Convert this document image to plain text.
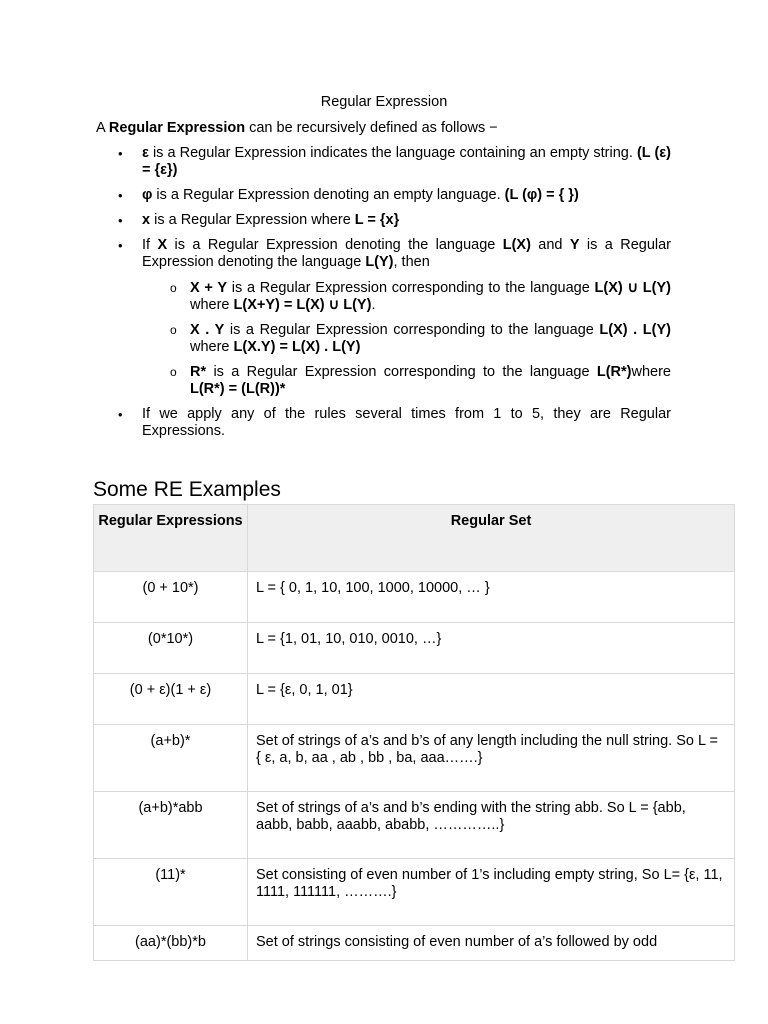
Regular Expression
A Regular Expression can be recursively defined as follows −
• ε is a Regular Expression indicates the language containing an empty string. (L (ε) = {ε})
• φ is a Regular Expression denoting an empty language. (L (φ) = { })
• x is a Regular Expression where L = {x}
• If X is a Regular Expression denoting the language L(X) and Y is a Regular Expression denoting the language L(Y), then
o X + Y is a Regular Expression corresponding to the language L(X) ∪ L(Y) where L(X+Y) = L(X) ∪ L(Y).
o X . Y is a Regular Expression corresponding to the language L(X) . L(Y) where L(X.Y) = L(X) . L(Y)
o R* is a Regular Expression corresponding to the language L(R*)where L(R*) = (L(R))*
• If we apply any of the rules several times from 1 to 5, they are Regular Expressions.
Some RE Examples
Regular Expressions	Regular Set

(0 + 10*)	L = { 0, 1, 10, 100, 1000, 10000, … }

(0*10*)	L = {1, 01, 10, 010, 0010, …}

(0 + ε)(1 + ε)	L = {ε, 0, 1, 01}

(a+b)*	Set of strings of a’s and b’s of any length including the null string. So L = { ε, a, b, aa , ab , bb , ba, aaa…….}

(a+b)*abb	Set of strings of a’s and b’s ending with the string abb. So L = {abb, aabb, babb, aaabb, ababb, …………..}

(11)*	Set consisting of even number of 1’s including empty string, So L= {ε, 11, 1111, 111111, ……….}

(aa)*(bb)*b	Set of strings consisting of even number of a’s followed by odd
